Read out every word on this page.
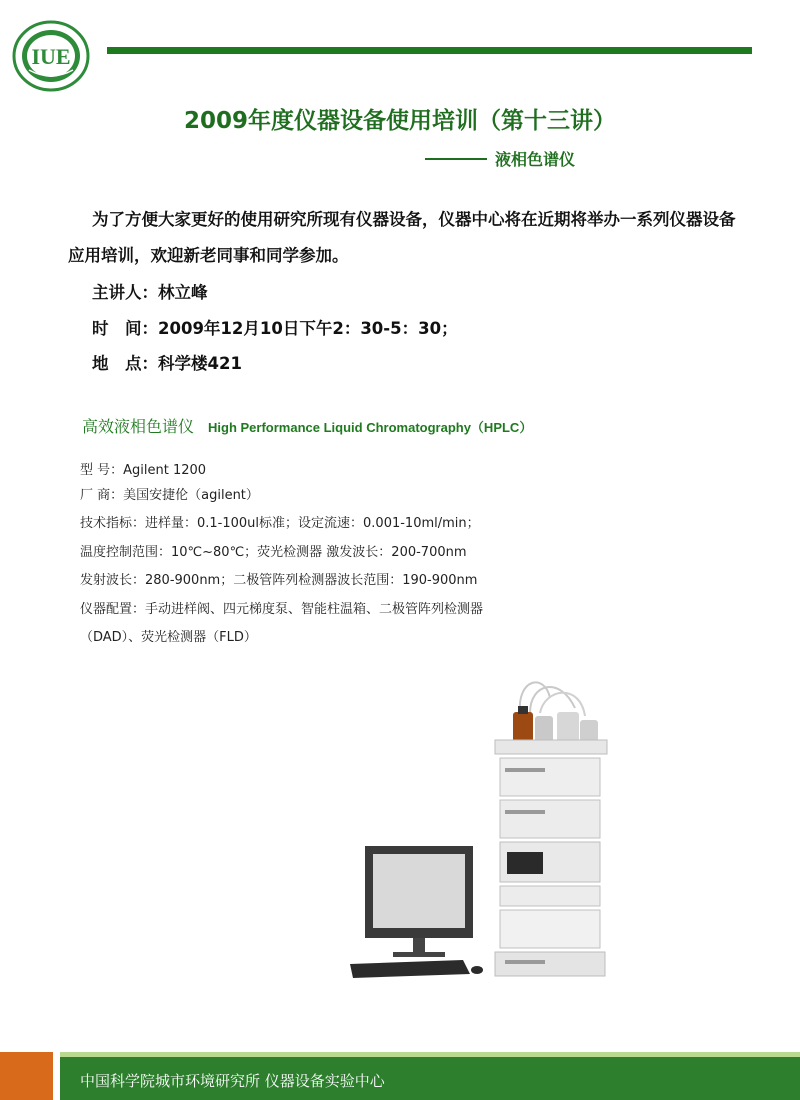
IUE
2009年度仪器设备使用培训（第十三讲）
液相色谱仪
为了方便大家更好的使用研究所现有仪器设备，仪器中心将在近期将举办一系列仪器设备应用培训，欢迎新老同事和同学参加。
主讲人：林立峰
时　间：2009年12月10日下午2：30-5：30；
地　点：科学楼421
高效液相色谱仪 High Performance Liquid Chromatography（HPLC）
型 号：Agilent 1200
厂 商：美国安捷伦（agilent）
技术指标：进样量：0.1-100ul标准；设定流速：0.001-10ml/min；
温度控制范围：10℃~80℃；荧光检测器 激发波长：200-700nm
发射波长：280-900nm；二极管阵列检测器波长范围：190-900nm
仪器配置：手动进样阀、四元梯度泵、智能柱温箱、二极管阵列检测器
（DAD）、荧光检测器（FLD）
中国科学院城市环境研究所 仪器设备实验中心
